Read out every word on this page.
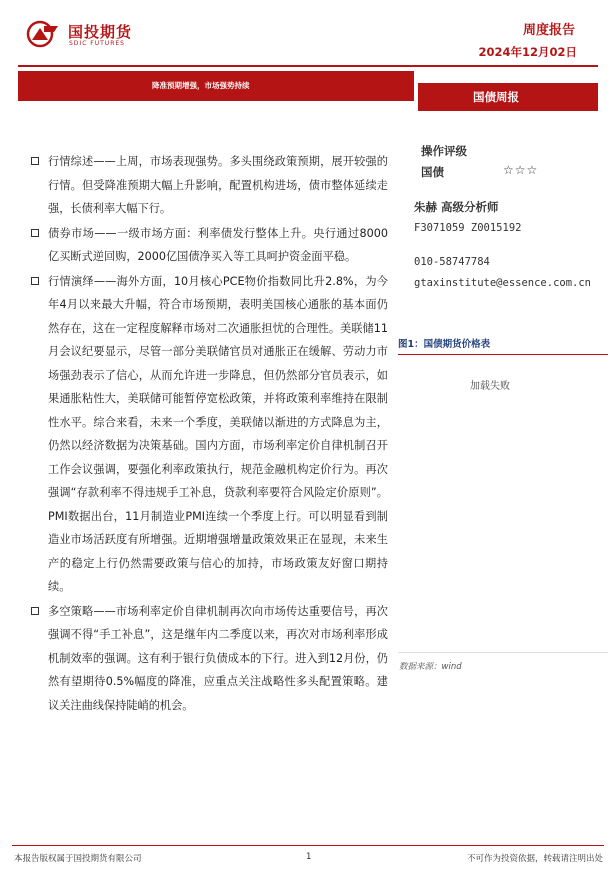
国投期货
SDIC FUTURES
周度报告
2024年12月02日
降准预期增强，市场强势持续
国债周报
行情综述——上周，市场表现强势。多头围绕政策预期，展开较强的行情。但受降准预期大幅上升影响，配置机构进场，债市整体延续走强，长债利率大幅下行。
债券市场——一级市场方面：利率债发行整体上升。央行通过8000亿买断式逆回购，2000亿国债净买入等工具呵护资金面平稳。
行情演绎——海外方面，10月核心PCE物价指数同比升2.8%，为今年4月以来最大升幅，符合市场预期，表明美国核心通胀的基本面仍然存在，这在一定程度解释市场对二次通胀担忧的合理性。美联储11月会议纪要显示，尽管一部分美联储官员对通胀正在缓解、劳动力市场强劲表示了信心，从而允许进一步降息，但仍然部分官员表示，如果通胀粘性大，美联储可能暂停宽松政策，并将政策利率维持在限制性水平。综合来看，未来一个季度，美联储以渐进的方式降息为主，仍然以经济数据为决策基础。国内方面，市场利率定价自律机制召开工作会议强调，要强化利率政策执行，规范金融机构定价行为。再次强调“存款利率不得违规手工补息，贷款利率要符合风险定价原则”。PMI数据出台，11月制造业PMI连续一个季度上行。可以明显看到制造业市场活跃度有所增强。近期增强增量政策效果正在显现，未来生产的稳定上行仍然需要政策与信心的加持，市场政策友好窗口期持续。
多空策略——市场利率定价自律机制再次向市场传达重要信号，再次强调不得“手工补息”，这是继年内二季度以来，再次对市场利率形成机制效率的强调。这有利于银行负债成本的下行。进入到12月份，仍然有望期待0.5%幅度的降准，应重点关注战略性多头配置策略。建议关注曲线保持陡峭的机会。
操作评级
国债	☆☆☆
朱赫 高级分析师
F3071059 Z0015192
010-58747784
gtaxinstitute@essence.com.cn
图1：国债期货价格表
加载失败
数据来源：wind
本报告版权属于国投期货有限公司	1	不可作为投资依据，转载请注明出处
